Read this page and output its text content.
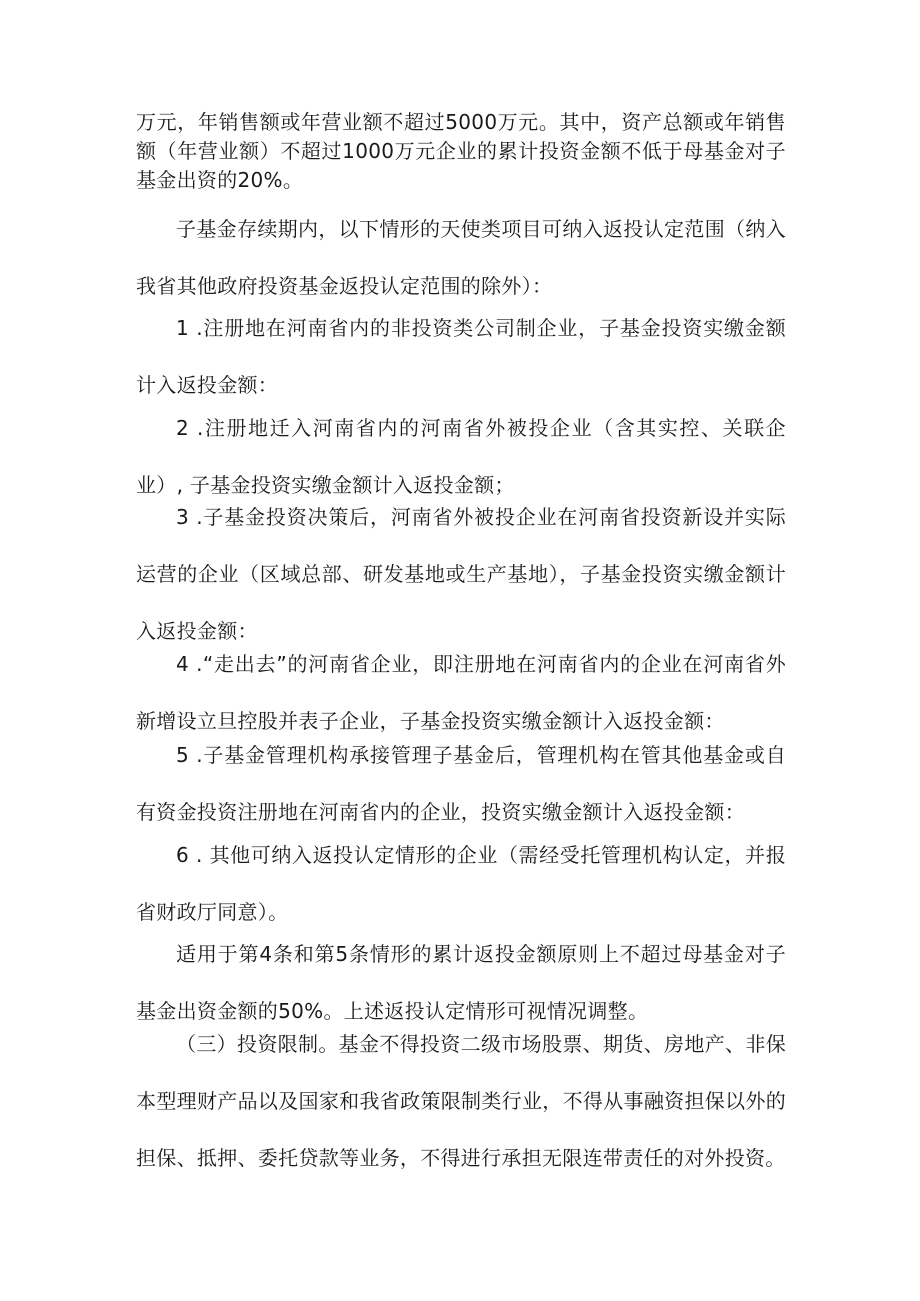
万元，年销售额或年营业额不超过5000万元。其中，资产总额或年销售额（年营业额）不超过1000万元企业的累计投资金额不低于母基金对子基金出资的20%。

子基金存续期内，以下情形的天使类项目可纳入返投认定范围（纳入我省其他政府投资基金返投认定范围的除外）：

1 .注册地在河南省内的非投资类公司制企业，子基金投资实缴金额计入返投金额：

2 .注册地迁入河南省内的河南省外被投企业（含其实控、关联企业）, 子基金投资实缴金额计入返投金额；

3 .子基金投资决策后，河南省外被投企业在河南省投资新设并实际运营的企业（区域总部、研发基地或生产基地），子基金投资实缴金额计入返投金额：

4 .“走出去”的河南省企业，即注册地在河南省内的企业在河南省外新增设立旦控股并表子企业，子基金投资实缴金额计入返投金额：

5 .子基金管理机构承接管理子基金后，管理机构在管其他基金或自有资金投资注册地在河南省内的企业，投资实缴金额计入返投金额：

6 . 其他可纳入返投认定情形的企业（需经受托管理机构认定，并报省财政厅同意）。

适用于第4条和第5条情形的累计返投金额原则上不超过母基金对子基金出资金额的50%。上述返投认定情形可视情况调整。

（三）投资限制。基金不得投资二级市场股票、期货、房地产、非保本型理财产品以及国家和我省政策限制类行业，不得从事融资担保以外的担保、抵押、委托贷款等业务，不得进行承担无限连带责任的对外投资。
